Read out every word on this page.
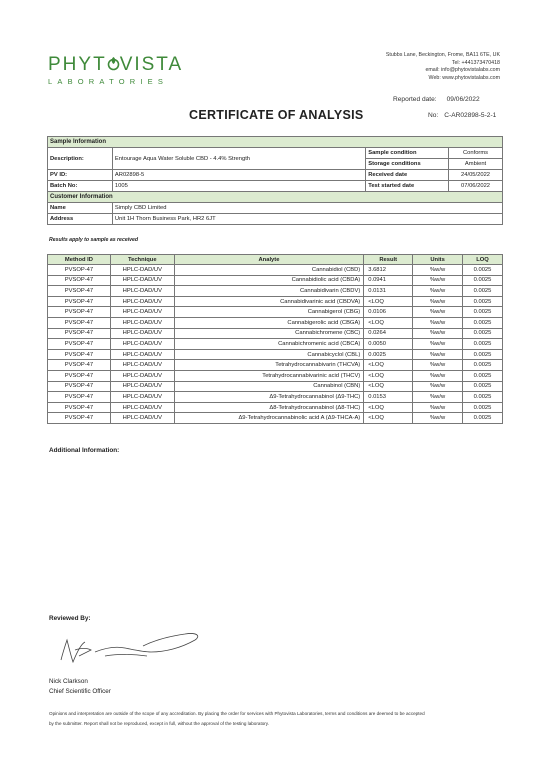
PHYT VISTA
LABORATORIES
Stubbs Lane, Beckington, Frome, BA11 6TE, UK
Tel: +441373470418
email: info@phytovistalabs.com
Web: www.phytovistalabs.com
Reported date: 09/06/2022
CERTIFICATE OF ANALYSIS	No: C-AR02898-5-2-1
Sample Information			
Description:	Entourage Aqua Water Soluble CBD - 4.4% Strength	Sample condition	Conforms
		Storage conditions	Ambient
PV ID:	AR02898-5	Received date	24/05/2022
Batch No:	1005	Test started date	07/06/2022
Customer Information			
Name	Simply CBD Limited		
Address	Unit 1H Thorn Business Park, HR2 6JT		
Results apply to sample as received
Method ID	Technique	Analyte	Result	Units	LOQ
PVSOP-47	HPLC-DAD/UV	Cannabidiol (CBD)	3.6812	%w/w	0.0025
PVSOP-47	HPLC-DAD/UV	Cannabidiolic acid (CBDA)	0.0941	%w/w	0.0025
PVSOP-47	HPLC-DAD/UV	Cannabidivarin (CBDV)	0.0131	%w/w	0.0025
PVSOP-47	HPLC-DAD/UV	Cannabidivarinic acid (CBDVA)	<LOQ	%w/w	0.0025
PVSOP-47	HPLC-DAD/UV	Cannabigerol (CBG)	0.0106	%w/w	0.0025
PVSOP-47	HPLC-DAD/UV	Cannabigerolic acid (CBGA)	<LOQ	%w/w	0.0025
PVSOP-47	HPLC-DAD/UV	Cannabichromene (CBC)	0.0264	%w/w	0.0025
PVSOP-47	HPLC-DAD/UV	Cannabichromenic acid (CBCA)	0.0050	%w/w	0.0025
PVSOP-47	HPLC-DAD/UV	Cannabicyclol (CBL)	0.0025	%w/w	0.0025
PVSOP-47	HPLC-DAD/UV	Tetrahydrocannabivarin (THCVA)	<LOQ	%w/w	0.0025
PVSOP-47	HPLC-DAD/UV	Tetrahydrocannabivarinic acid (THCV)	<LOQ	%w/w	0.0025
PVSOP-47	HPLC-DAD/UV	Cannabinol (CBN)	<LOQ	%w/w	0.0025
PVSOP-47	HPLC-DAD/UV	Δ9-Tetrahydrocannabinol (Δ9-THC)	0.0153	%w/w	0.0025
PVSOP-47	HPLC-DAD/UV	Δ8-Tetrahydrocannabinol (Δ8-THC)	<LOQ	%w/w	0.0025
PVSOP-47	HPLC-DAD/UV	Δ9-Tetrahydrocannabinolic acid A (Δ9-THCA-A)	<LOQ	%w/w	0.0025
Additional Information:
Reviewed By:
Nick Clarkson
Chief Scientific Officer
Opinions and interpretation are outside of the scope of any accreditation. By placing the order for services with Phytovista Laboratories, terms and conditions are deemed to be accepted
by the submitter. Report shall not be reproduced, except in full, without the approval of the testing laboratory.
